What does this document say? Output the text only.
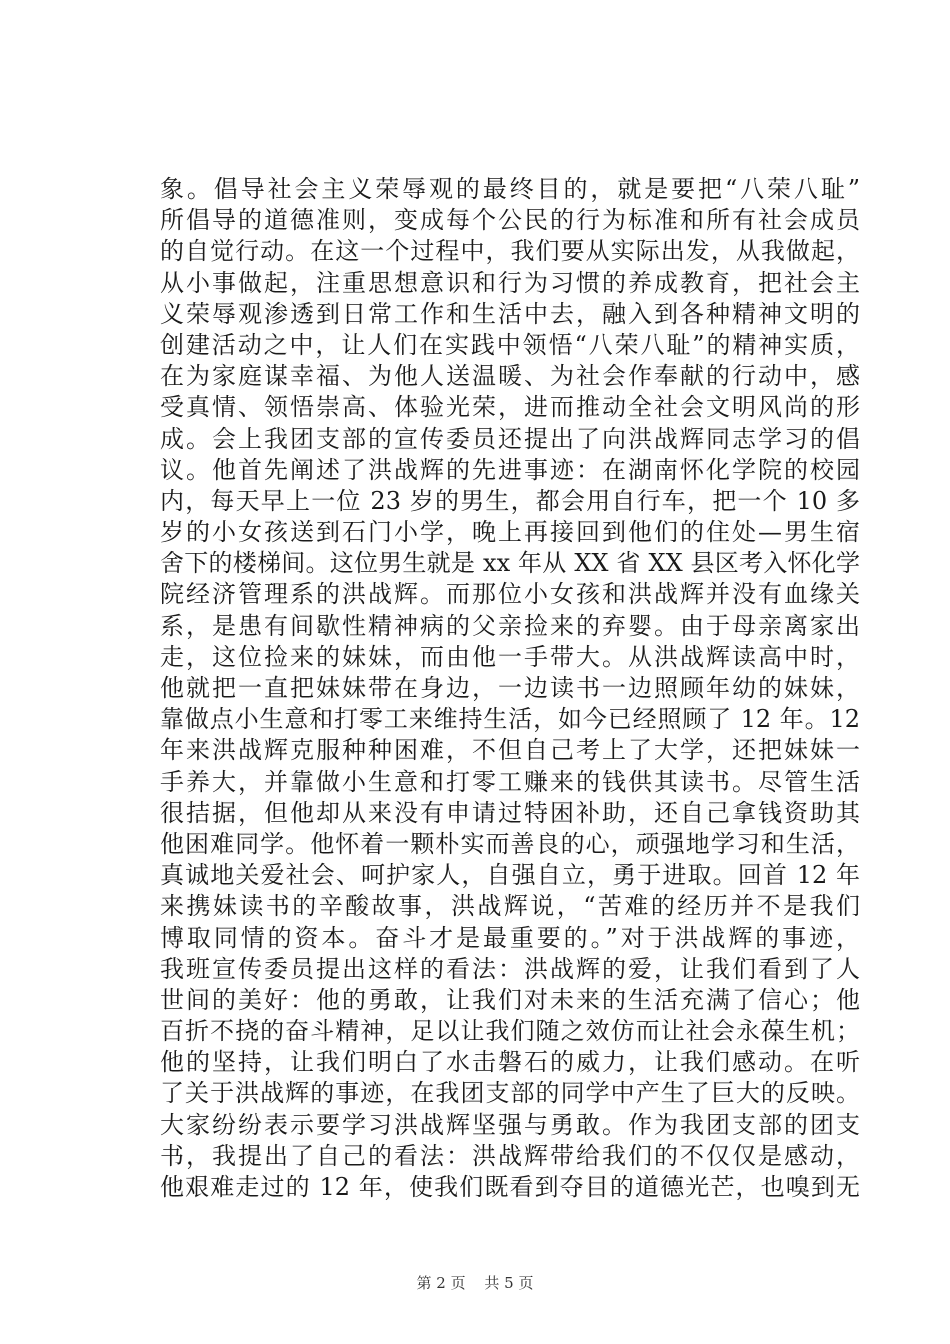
象。倡导社会主义荣辱观的最终目的，就是要把“八荣八耻”
所倡导的道德准则，变成每个公民的行为标准和所有社会成员
的自觉行动。在这一个过程中，我们要从实际出发，从我做起，
从小事做起，注重思想意识和行为习惯的养成教育，把社会主
义荣辱观渗透到日常工作和生活中去，融入到各种精神文明的
创建活动之中，让人们在实践中领悟“八荣八耻”的精神实质，
在为家庭谋幸福、为他人送温暖、为社会作奉献的行动中，感
受真情、领悟崇高、体验光荣，进而推动全社会文明风尚的形
成。会上我团支部的宣传委员还提出了向洪战辉同志学习的倡
议。他首先阐述了洪战辉的先进事迹：在湖南怀化学院的校园
内，每天早上一位 23 岁的男生，都会用自行车，把一个 10 多
岁的小女孩送到石门小学，晚上再接回到他们的住处—男生宿
舍下的楼梯间。这位男生就是 xx 年从 XX 省 XX 县区考入怀化学
院经济管理系的洪战辉。而那位小女孩和洪战辉并没有血缘关
系，是患有间歇性精神病的父亲捡来的弃婴。由于母亲离家出
走，这位捡来的妹妹，而由他一手带大。从洪战辉读高中时，
他就把一直把妹妹带在身边，一边读书一边照顾年幼的妹妹，
靠做点小生意和打零工来维持生活，如今已经照顾了 12 年。12
年来洪战辉克服种种困难，不但自己考上了大学，还把妹妹一
手养大，并靠做小生意和打零工赚来的钱供其读书。尽管生活
很拮据，但他却从来没有申请过特困补助，还自己拿钱资助其
他困难同学。他怀着一颗朴实而善良的心，顽强地学习和生活，
真诚地关爱社会、呵护家人，自强自立，勇于进取。回首 12 年
来携妹读书的辛酸故事，洪战辉说，“苦难的经历并不是我们
博取同情的资本。奋斗才是最重要的。”对于洪战辉的事迹，
我班宣传委员提出这样的看法：洪战辉的爱，让我们看到了人
世间的美好：他的勇敢，让我们对未来的生活充满了信心；他
百折不挠的奋斗精神，足以让我们随之效仿而让社会永葆生机；
他的坚持，让我们明白了水击磐石的威力，让我们感动。在听
了关于洪战辉的事迹，在我团支部的同学中产生了巨大的反映。
大家纷纷表示要学习洪战辉坚强与勇敢。作为我团支部的团支
书，我提出了自己的看法：洪战辉带给我们的不仅仅是感动，
他艰难走过的 12 年，使我们既看到夺目的道德光芒，也嗅到无
第 2 页 共 5 页
